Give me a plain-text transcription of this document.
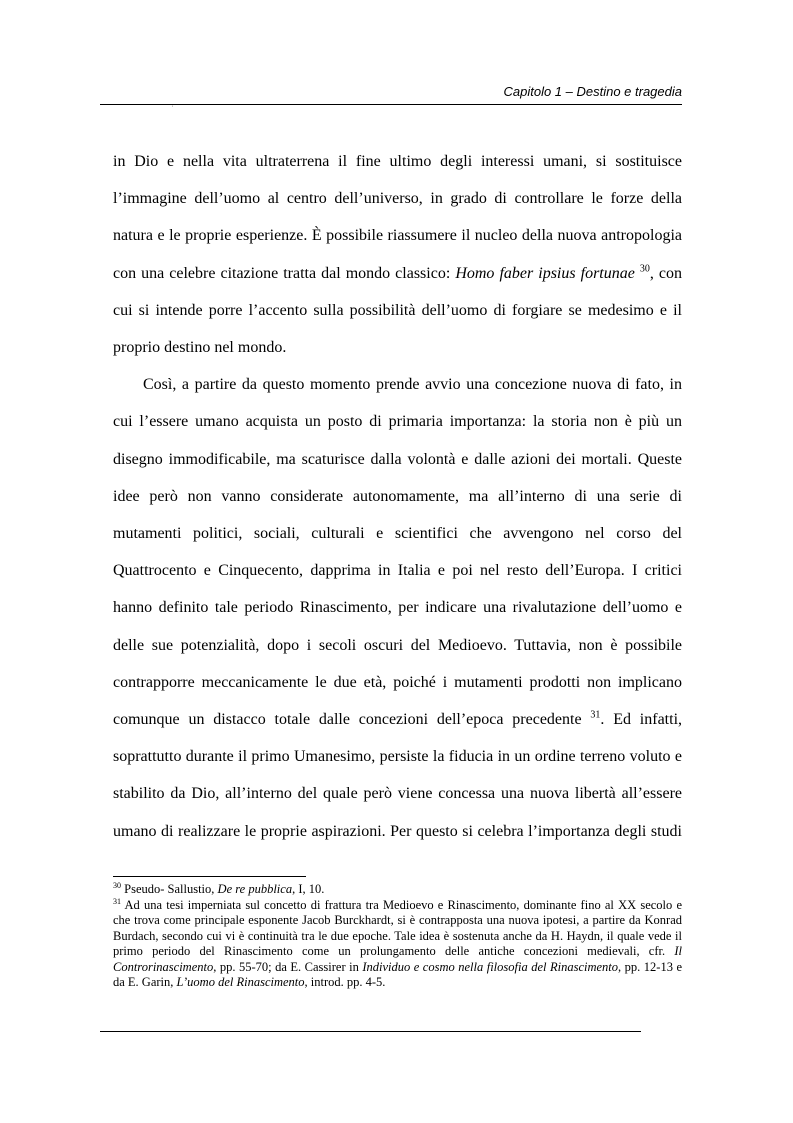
Capitolo 1 – Destino e tragedia
'

in Dio e nella vita ultraterrena il fine ultimo degli interessi umani, si sostituisce l’immagine dell’uomo al centro dell’universo, in grado di controllare le forze della natura e le proprie esperienze. È possibile riassumere il nucleo della nuova antropologia con una celebre citazione tratta dal mondo classico: Homo faber ipsius fortunae $^{30}$, con cui si intende porre l’accento sulla possibilità dell’uomo di forgiare se medesimo e il proprio destino nel mondo.

Così, a partire da questo momento prende avvio una concezione nuova di fato, in cui l’essere umano acquista un posto di primaria importanza: la storia non è più un disegno immodificabile, ma scaturisce dalla volontà e dalle azioni dei mortali. Queste idee però non vanno considerate autonomamente, ma all’interno di una serie di mutamenti politici, sociali, culturali e scientifici che avvengono nel corso del Quattrocento e Cinquecento, dapprima in Italia e poi nel resto dell’Europa. I critici hanno definito tale periodo Rinascimento, per indicare una rivalutazione dell’uomo e delle sue potenzialità, dopo i secoli oscuri del Medioevo. Tuttavia, non è possibile contrapporre meccanicamente le due età, poiché i mutamenti prodotti non implicano comunque un distacco totale dalle concezioni dell’epoca precedente $^{31}$. Ed infatti, soprattutto durante il primo Umanesimo, persiste la fiducia in un ordine terreno voluto e stabilito da Dio, all’interno del quale però viene concessa una nuova libertà all’essere umano di realizzare le proprie aspirazioni. Per questo si celebra l’importanza degli studi

$^{30}$ Pseudo- Sallustio, De re pubblica, I, 10.

$^{31}$ Ad una tesi imperniata sul concetto di frattura tra Medioevo e Rinascimento, dominante fino al XX secolo e che trova come principale esponente Jacob Burckhardt, si è contrapposta una nuova ipotesi, a partire da Konrad Burdach, secondo cui vi è continuità tra le due epoche. Tale idea è sostenuta anche da H. Haydn, il quale vede il primo periodo del Rinascimento come un prolungamento delle antiche concezioni medievali, cfr. Il Controrinascimento, pp. 55-70; da E. Cassirer in Individuo e cosmo nella filosofia del Rinascimento, pp. 12-13 e da E. Garin, L’uomo del Rinascimento, introd. pp. 4-5.
